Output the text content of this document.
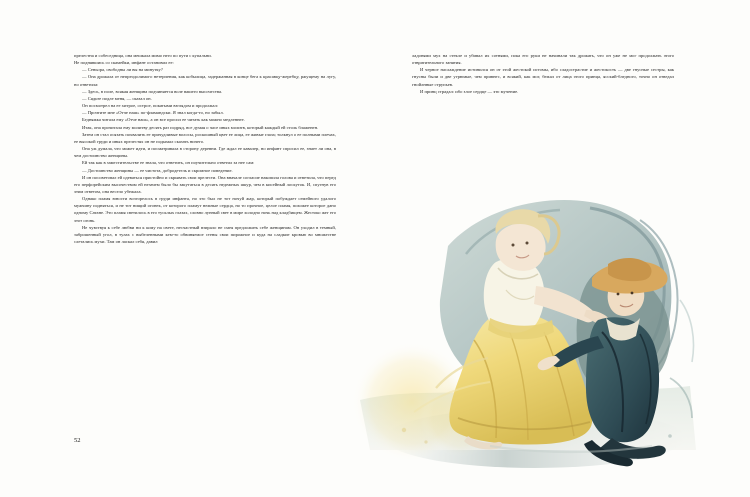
прелестна и собеседница, она мешкала мимо него по пути с купальни.

Не поднявшись со скамейки, инфант остановил ее:

— Сеньора, свободны ли вы на минутку?

— Она дрожала от непреодолимого нетерпения, как кобылица, задержанная в конце бега к красавцу-жеребцу, ржущему на лугу, но ответила:

— Здесь, в поле, всякая женщина подчиняется воле вашего высочества.

— Сядьте подле меня, — сказал он.

Он посмотрел на ее хитрое, острое, покатыми взглядом и продолжал:

— Прочтите мне «Отче наш» по-фламандски. Я знал когда-то, но забыл.

Бедняжка читала ему «Отче наш», а он все просил ее читать как можно медленнее.

Итак, она прочитала ему молитву десять раз подряд, все думая о часе иных молитв, который каждый ей столь блаженен.

Затем он стал осязать похвалить ее причудливые волосы, роскошный цвет ее лица, ее живые глаза; толкнул о ее полными плечах, ее высокой груди и иных прелестях он не подымал сказать ничего.

Она уж думала, что может идти, и посматривала в сторону деревни. Где ждал ее кавалер, но инфант спросил ее, знает ли она, в чем достоинство женщины.

Ей так как в заместительстве ее знала, что ответить, он поучительно ответил за нее сам:

— Достоинство женщины — ее чистота, добродетель и скромное поведение.

И он посоветовал ей одеваться пристойно и скрывать свои прелести. Она вначале согласие накопила голова и ответила, что перед его перфорейским высочеством ей незачем было бы закутаться в десять недежных шкур, чем в кисейный лоскуток. И, спугнув его этим ответом, она весело убежала.

Однако пламя юности возгорелось в груди инфанта, но это был не тот ночуй жар, который побуждает семейного удалого мужчину подняться, и не тот нищий огонек, от которого пламут нежные сердца, но то прочное, целое пламя, похожее которое дано одному Сатане. Это пламя светилось в его тусклых глазах, словно лунный свет в мире холодно ночь над кладбищем. Жестоко жег его этот огонь.

Не чувствуя к себе любви ни к кому на свете, несчастный взирало не смея предложить себе женщинам. Он уходил в темный, заброшенный угол, в тулах с выбеленными кем-то обвиняемое стены свои пирожное и куда на сладкие кровью во множестве слетались мухи. Там он ласкал себя, давил

ладонями мух на стекле и убивал их сотнями, пока его руки не начинали так дрожать, что он уже не мог продолжать этого отвратительного занятия.

И черное наслаждение истинился он от этой жестокой истомы, ибо сладострастие и жестокость — две гнусные сестры, как гнусны были и две угрюмые, чем привнес, и всякий, как мог, бежал от лица этого принца, ясский-бледного, точно он отведал гнойлнные струпьев.

И принц страдал: ибо злое сердце — это мучение.

52
